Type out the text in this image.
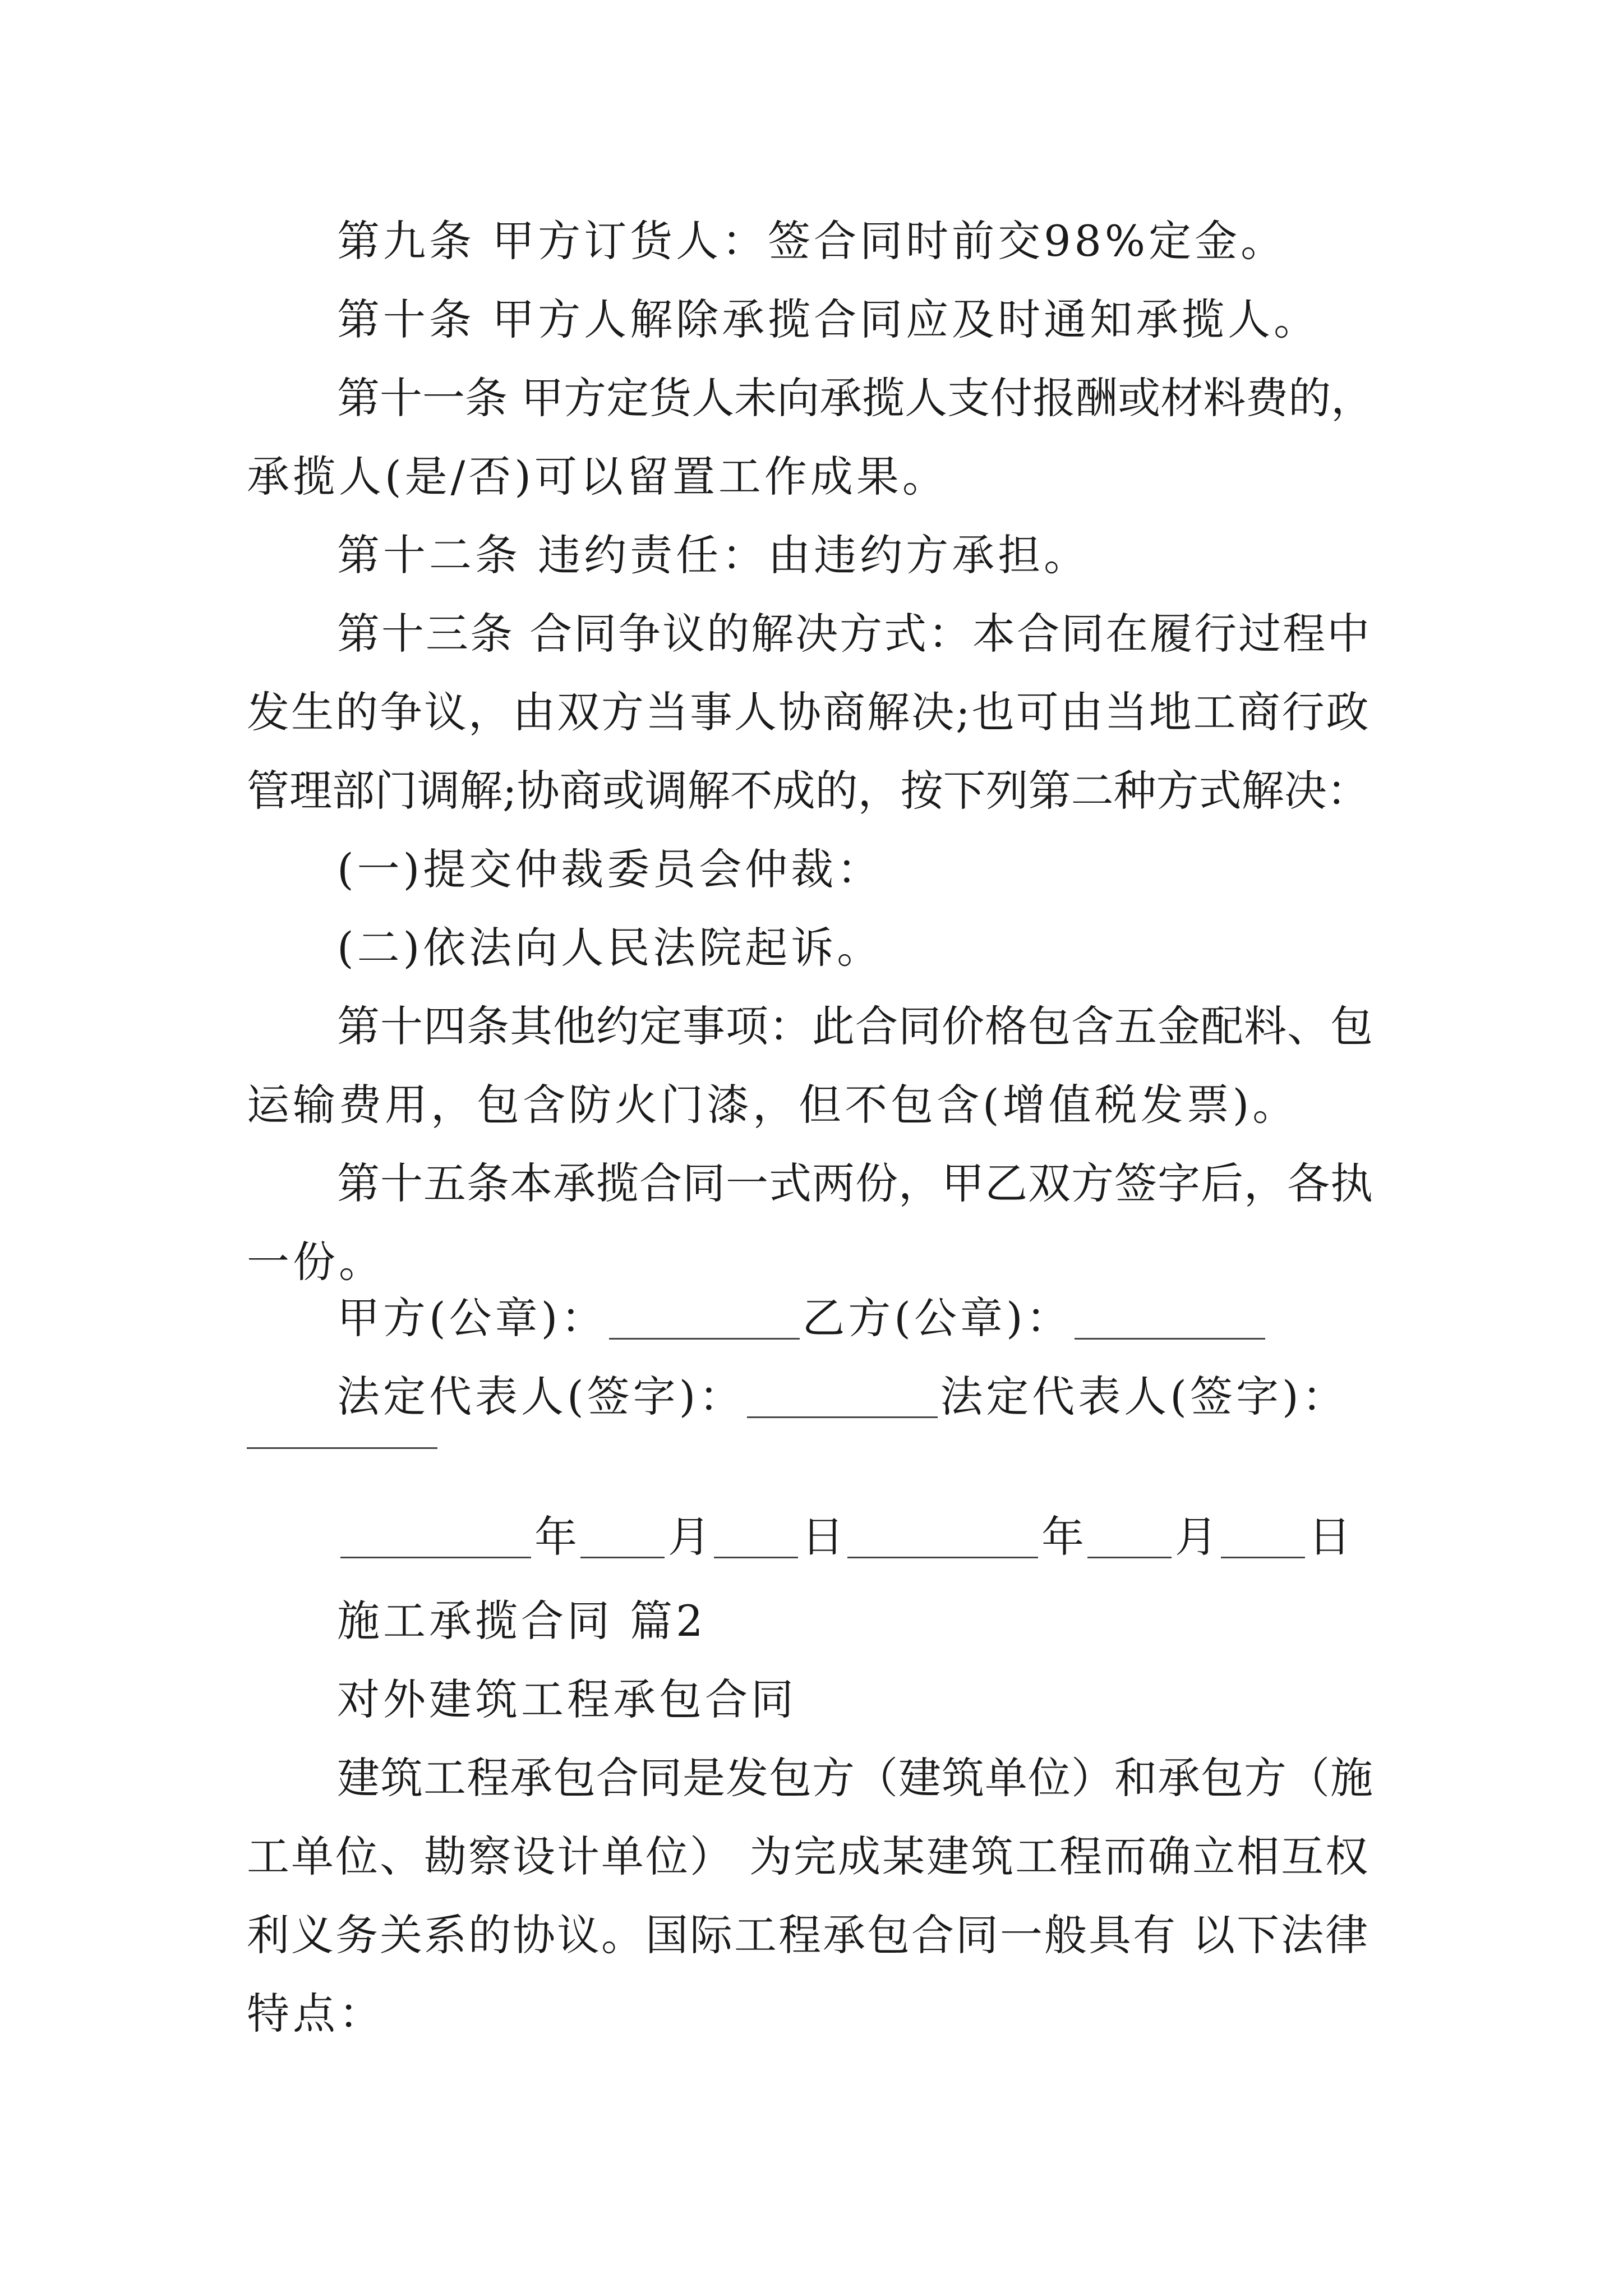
第九条 甲方订货人：签合同时前交98%定金。
第十条 甲方人解除承揽合同应及时通知承揽人。
第十一条 甲方定货人未向承揽人支付报酬或材料费的，
承揽人(是/否)可以留置工作成果。
第十二条 违约责任：由违约方承担。
第十三条 合同争议的解决方式：本合同在履行过程中
发生的争议，由双方当事人协商解决;也可由当地工商行政
管理部门调解;协商或调解不成的，按下列第二种方式解决：
(一)提交仲裁委员会仲裁：
(二)依法向人民法院起诉。
第十四条其他约定事项：此合同价格包含五金配料、包
运输费用，包含防火门漆，但不包含(增值税发票)。
第十五条本承揽合同一式两份，甲乙双方签字后，各执
一份。
甲方(公章)：	乙方(公章)：
法定代表人(签字)：	法定代表人(签字)：
年 月 日	年 月 日
施工承揽合同 篇2
对外建筑工程承包合同
建筑工程承包合同是发包方（建筑单位）和承包方（施
工单位、勘察设计单位） 为完成某建筑工程而确立相互权
利义务关系的协议。国际工程承包合同一般具有 以下法律
特点：
